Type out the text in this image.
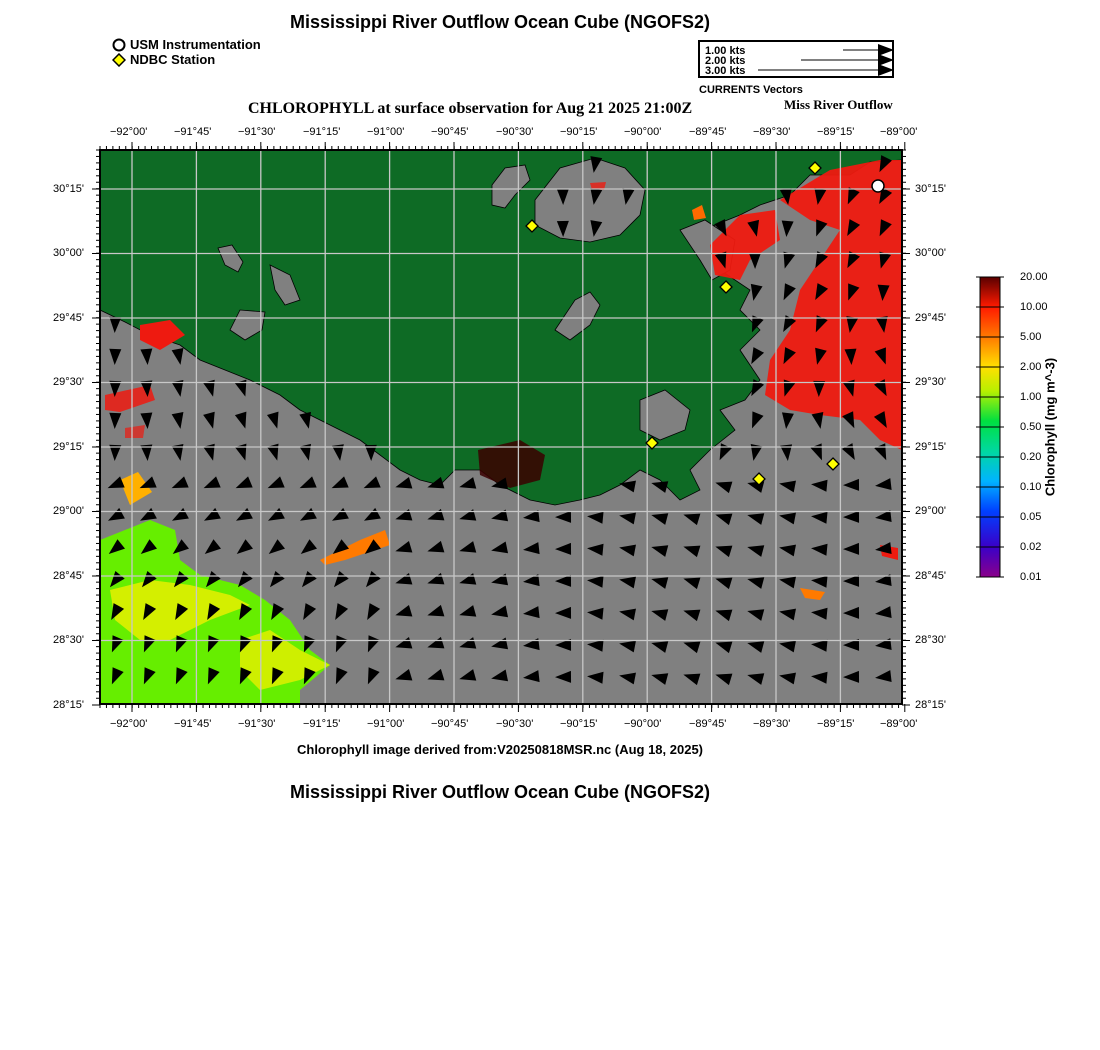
Mississippi River Outflow Ocean Cube (NGOFS2)
USM Instrumentation
NDBC Station
1.00 kts
2.00 kts
3.00 kts
CURRENTS Vectors
CHLOROPHYLL at surface observation for Aug 21 2025 21:00Z	Miss River Outflow
−92°00' −91°45' −91°30'	−91°15' −91°00' −90°45'	−90°30' −90°15' −90°00'	−89°45' −89°30' −89°15' −89°00'
−92°00' −91°45' −91°30'	−91°15' −91°00' −90°45'	−90°30' −90°15' −90°00'	−89°45' −89°30' −89°15' −89°00'
30°15'
30°00'
29°45'
29°30'
29°15'
29°00'
28°45'
28°30'
28°15'
30°15'
30°00'
29°45'
29°30'
29°15'
29°00'
28°45'
28°30'
28°15'
20.00
10.00
5.00
2.00
1.00
0.50
0.20
0.10
0.05
0.02
0.01
Chlorophyll (mg m^-3)
Chlorophyll image derived from:V20250818MSR.nc (Aug 18, 2025)
Mississippi River Outflow Ocean Cube (NGOFS2)
